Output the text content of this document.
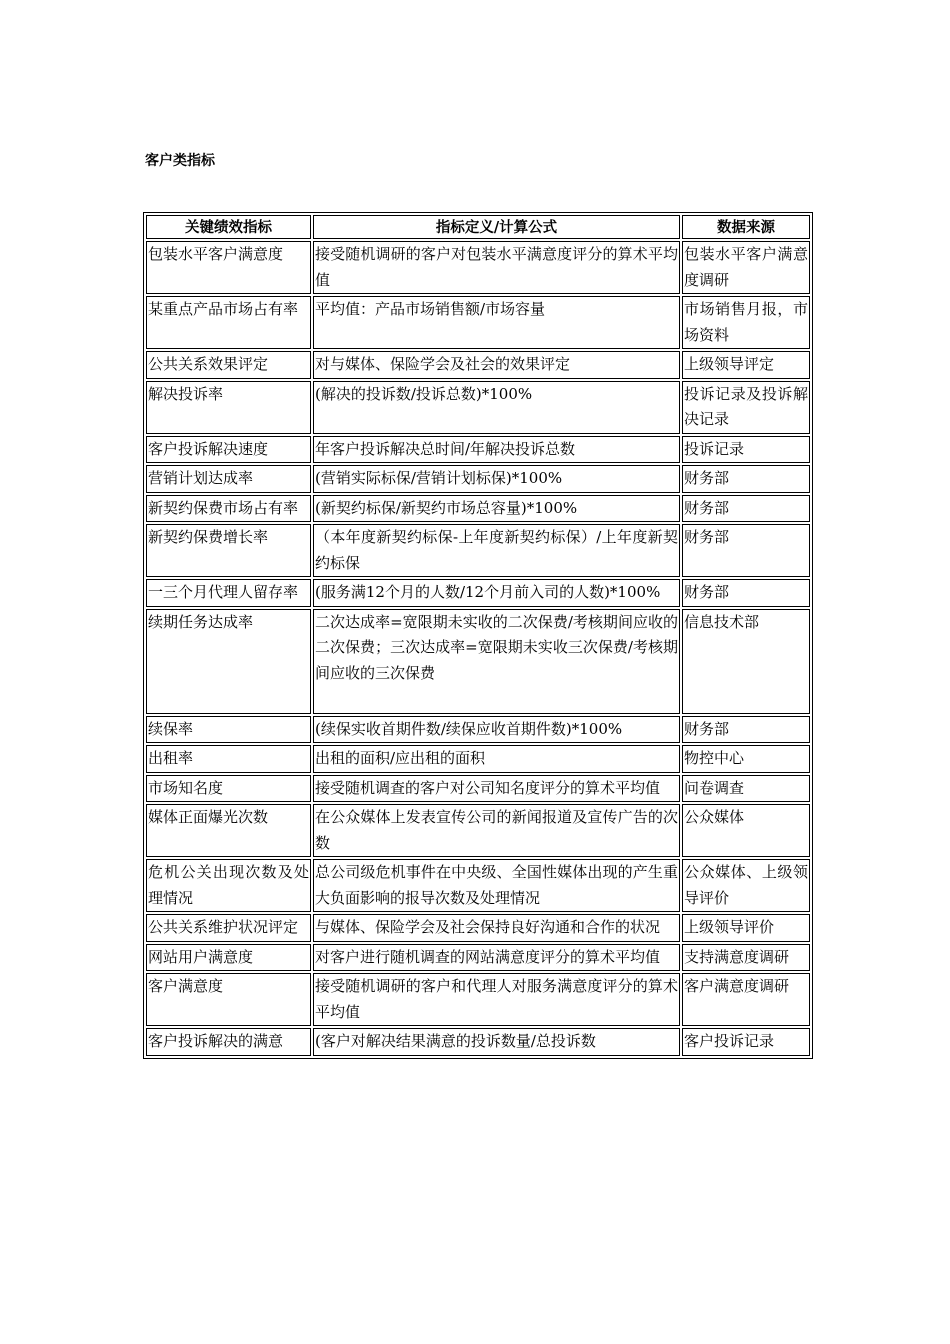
客户类指标
关键绩效指标	指标定义/计算公式	数据来源
包装水平客户满意度	接受随机调研的客户对包装水平满意度评分的算术平均值	包装水平客户满意度调研
某重点产品市场占有率	平均值：产品市场销售额/市场容量	市场销售月报，市场资料
公共关系效果评定	对与媒体、保险学会及社会的效果评定	上级领导评定
解决投诉率	(解决的投诉数/投诉总数)*100%	投诉记录及投诉解决记录
客户投诉解决速度	年客户投诉解决总时间/年解决投诉总数	投诉记录
营销计划达成率	(营销实际标保/营销计划标保)*100%	财务部
新契约保费市场占有率	(新契约标保/新契约市场总容量)*100%	财务部
新契约保费增长率	（本年度新契约标保-上年度新契约标保）/上年度新契约标保	财务部
一三个月代理人留存率	(服务满12个月的人数/12个月前入司的人数)*100%	财务部
续期任务达成率	二次达成率=宽限期未实收的二次保费/考核期间应收的二次保费；三次达成率=宽限期未实收三次保费/考核期间应收的三次保费	信息技术部
续保率	(续保实收首期件数/续保应收首期件数)*100%	财务部
出租率	出租的面积/应出租的面积	物控中心
市场知名度	接受随机调查的客户对公司知名度评分的算术平均值	问卷调查
媒体正面爆光次数	在公众媒体上发表宣传公司的新闻报道及宣传广告的次数	公众媒体
危机公关出现次数及处理情况	总公司级危机事件在中央级、全国性媒体出现的产生重大负面影响的报导次数及处理情况	公众媒体、上级领导评价
公共关系维护状况评定	与媒体、保险学会及社会保持良好沟通和合作的状况	上级领导评价
网站用户满意度	对客户进行随机调查的网站满意度评分的算术平均值	支持满意度调研
客户满意度	接受随机调研的客户和代理人对服务满意度评分的算术平均值	客户满意度调研
客户投诉解决的满意	(客户对解决结果满意的投诉数量/总投诉数	客户投诉记录
